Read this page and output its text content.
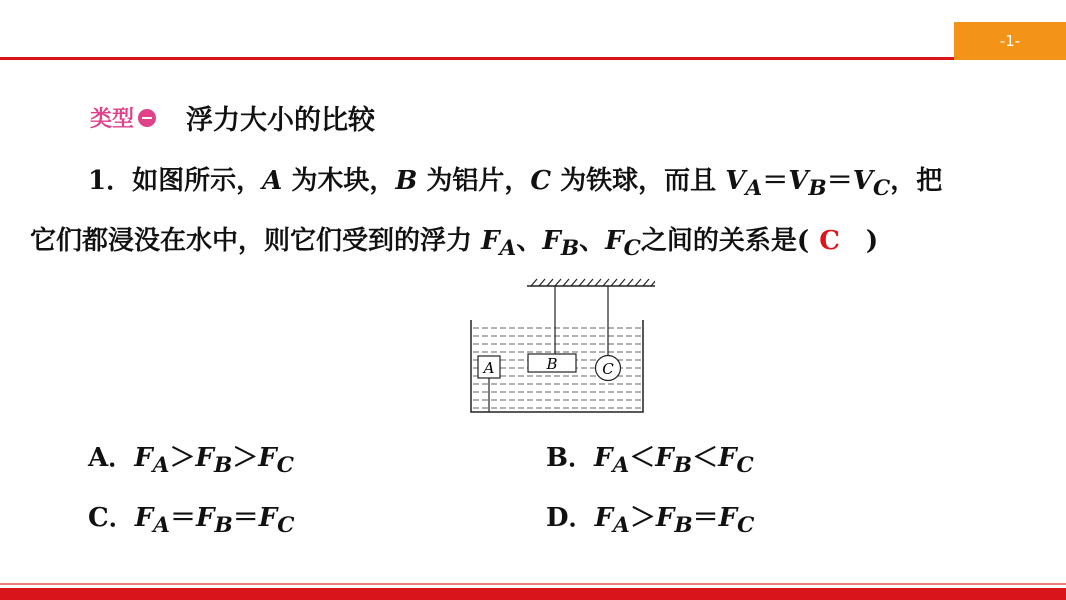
-1-
类型 浮力大小的比较
1．如图所示，A 为木块，B 为铝片，C 为铁球，而且 $V_A=V_B=V_C$，把
它们都浸没在水中，则它们受到的浮力 $F_A$、$F_B$、$F_C$之间的关系是( C )
A	B	C
A．$F_A>F_B>F_C$	B．$F_A<F_B<F_C$
C．$F_A=F_B=F_C$	D．$F_A>F_B=F_C$
